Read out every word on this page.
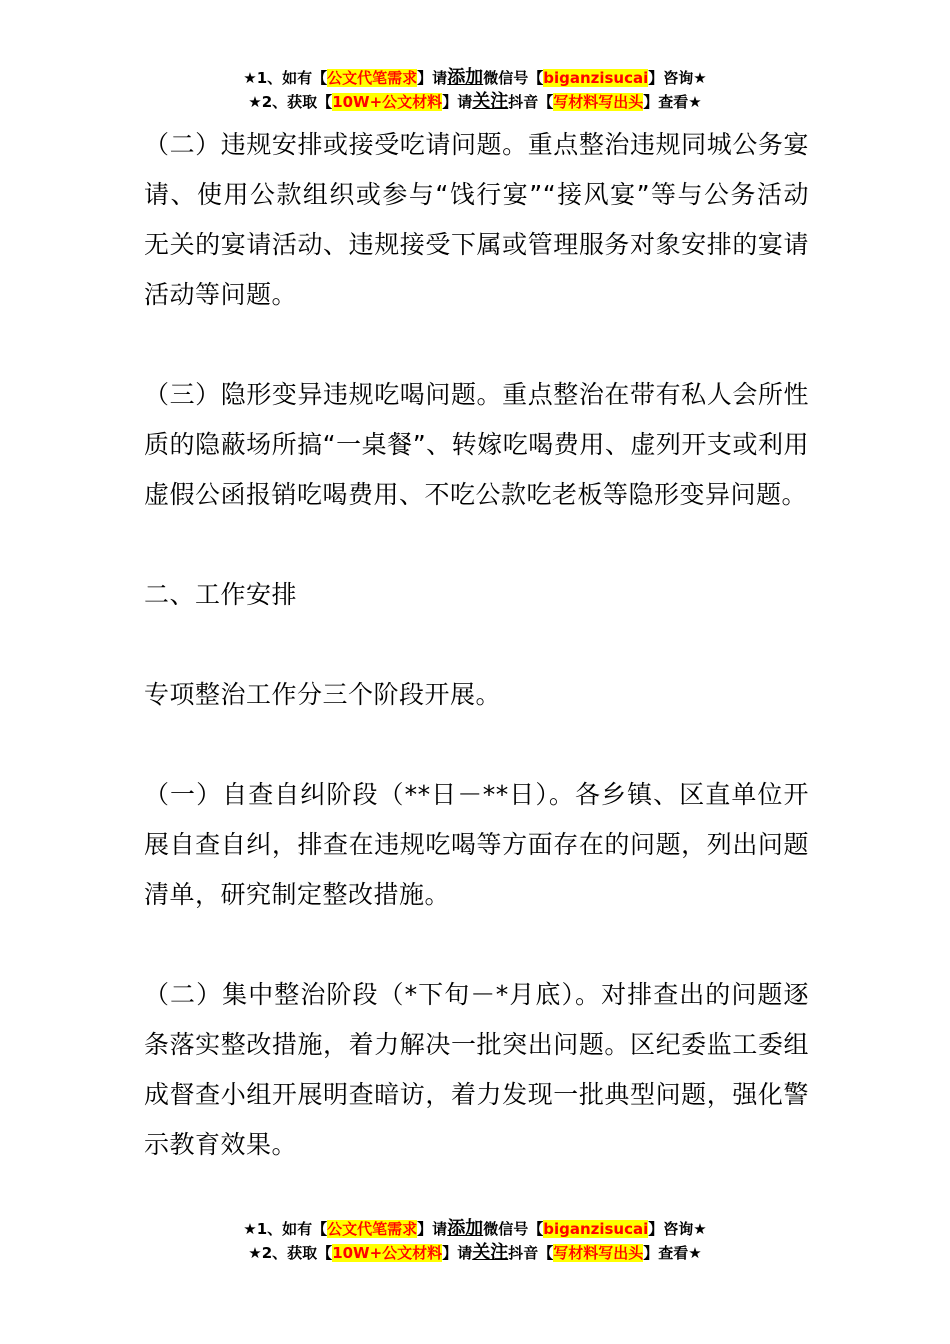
★1、如有【公文代笔需求】请添加微信号【biganzisucai】咨询★
★2、获取【10W+公文材料】请关注抖音【写材料写出头】查看★

（二）违规安排或接受吃请问题。重点整治违规同城公务宴请、使用公款组织或参与“饯行宴”“接风宴”等与公务活动无关的宴请活动、违规接受下属或管理服务对象安排的宴请活动等问题。

（三）隐形变异违规吃喝问题。重点整治在带有私人会所性质的隐蔽场所搞“一桌餐”、转嫁吃喝费用、虚列开支或利用虚假公函报销吃喝费用、不吃公款吃老板等隐形变异问题。

二、工作安排

专项整治工作分三个阶段开展。

（一）自查自纠阶段（**日－**日）。各乡镇、区直单位开展自查自纠，排查在违规吃喝等方面存在的问题，列出问题清单，研究制定整改措施。

（二）集中整治阶段（*下旬－*月底）。对排查出的问题逐条落实整改措施，着力解决一批突出问题。区纪委监工委组成督查小组开展明查暗访，着力发现一批典型问题，强化警示教育效果。

★1、如有【公文代笔需求】请添加微信号【biganzisucai】咨询★
★2、获取【10W+公文材料】请关注抖音【写材料写出头】查看★
